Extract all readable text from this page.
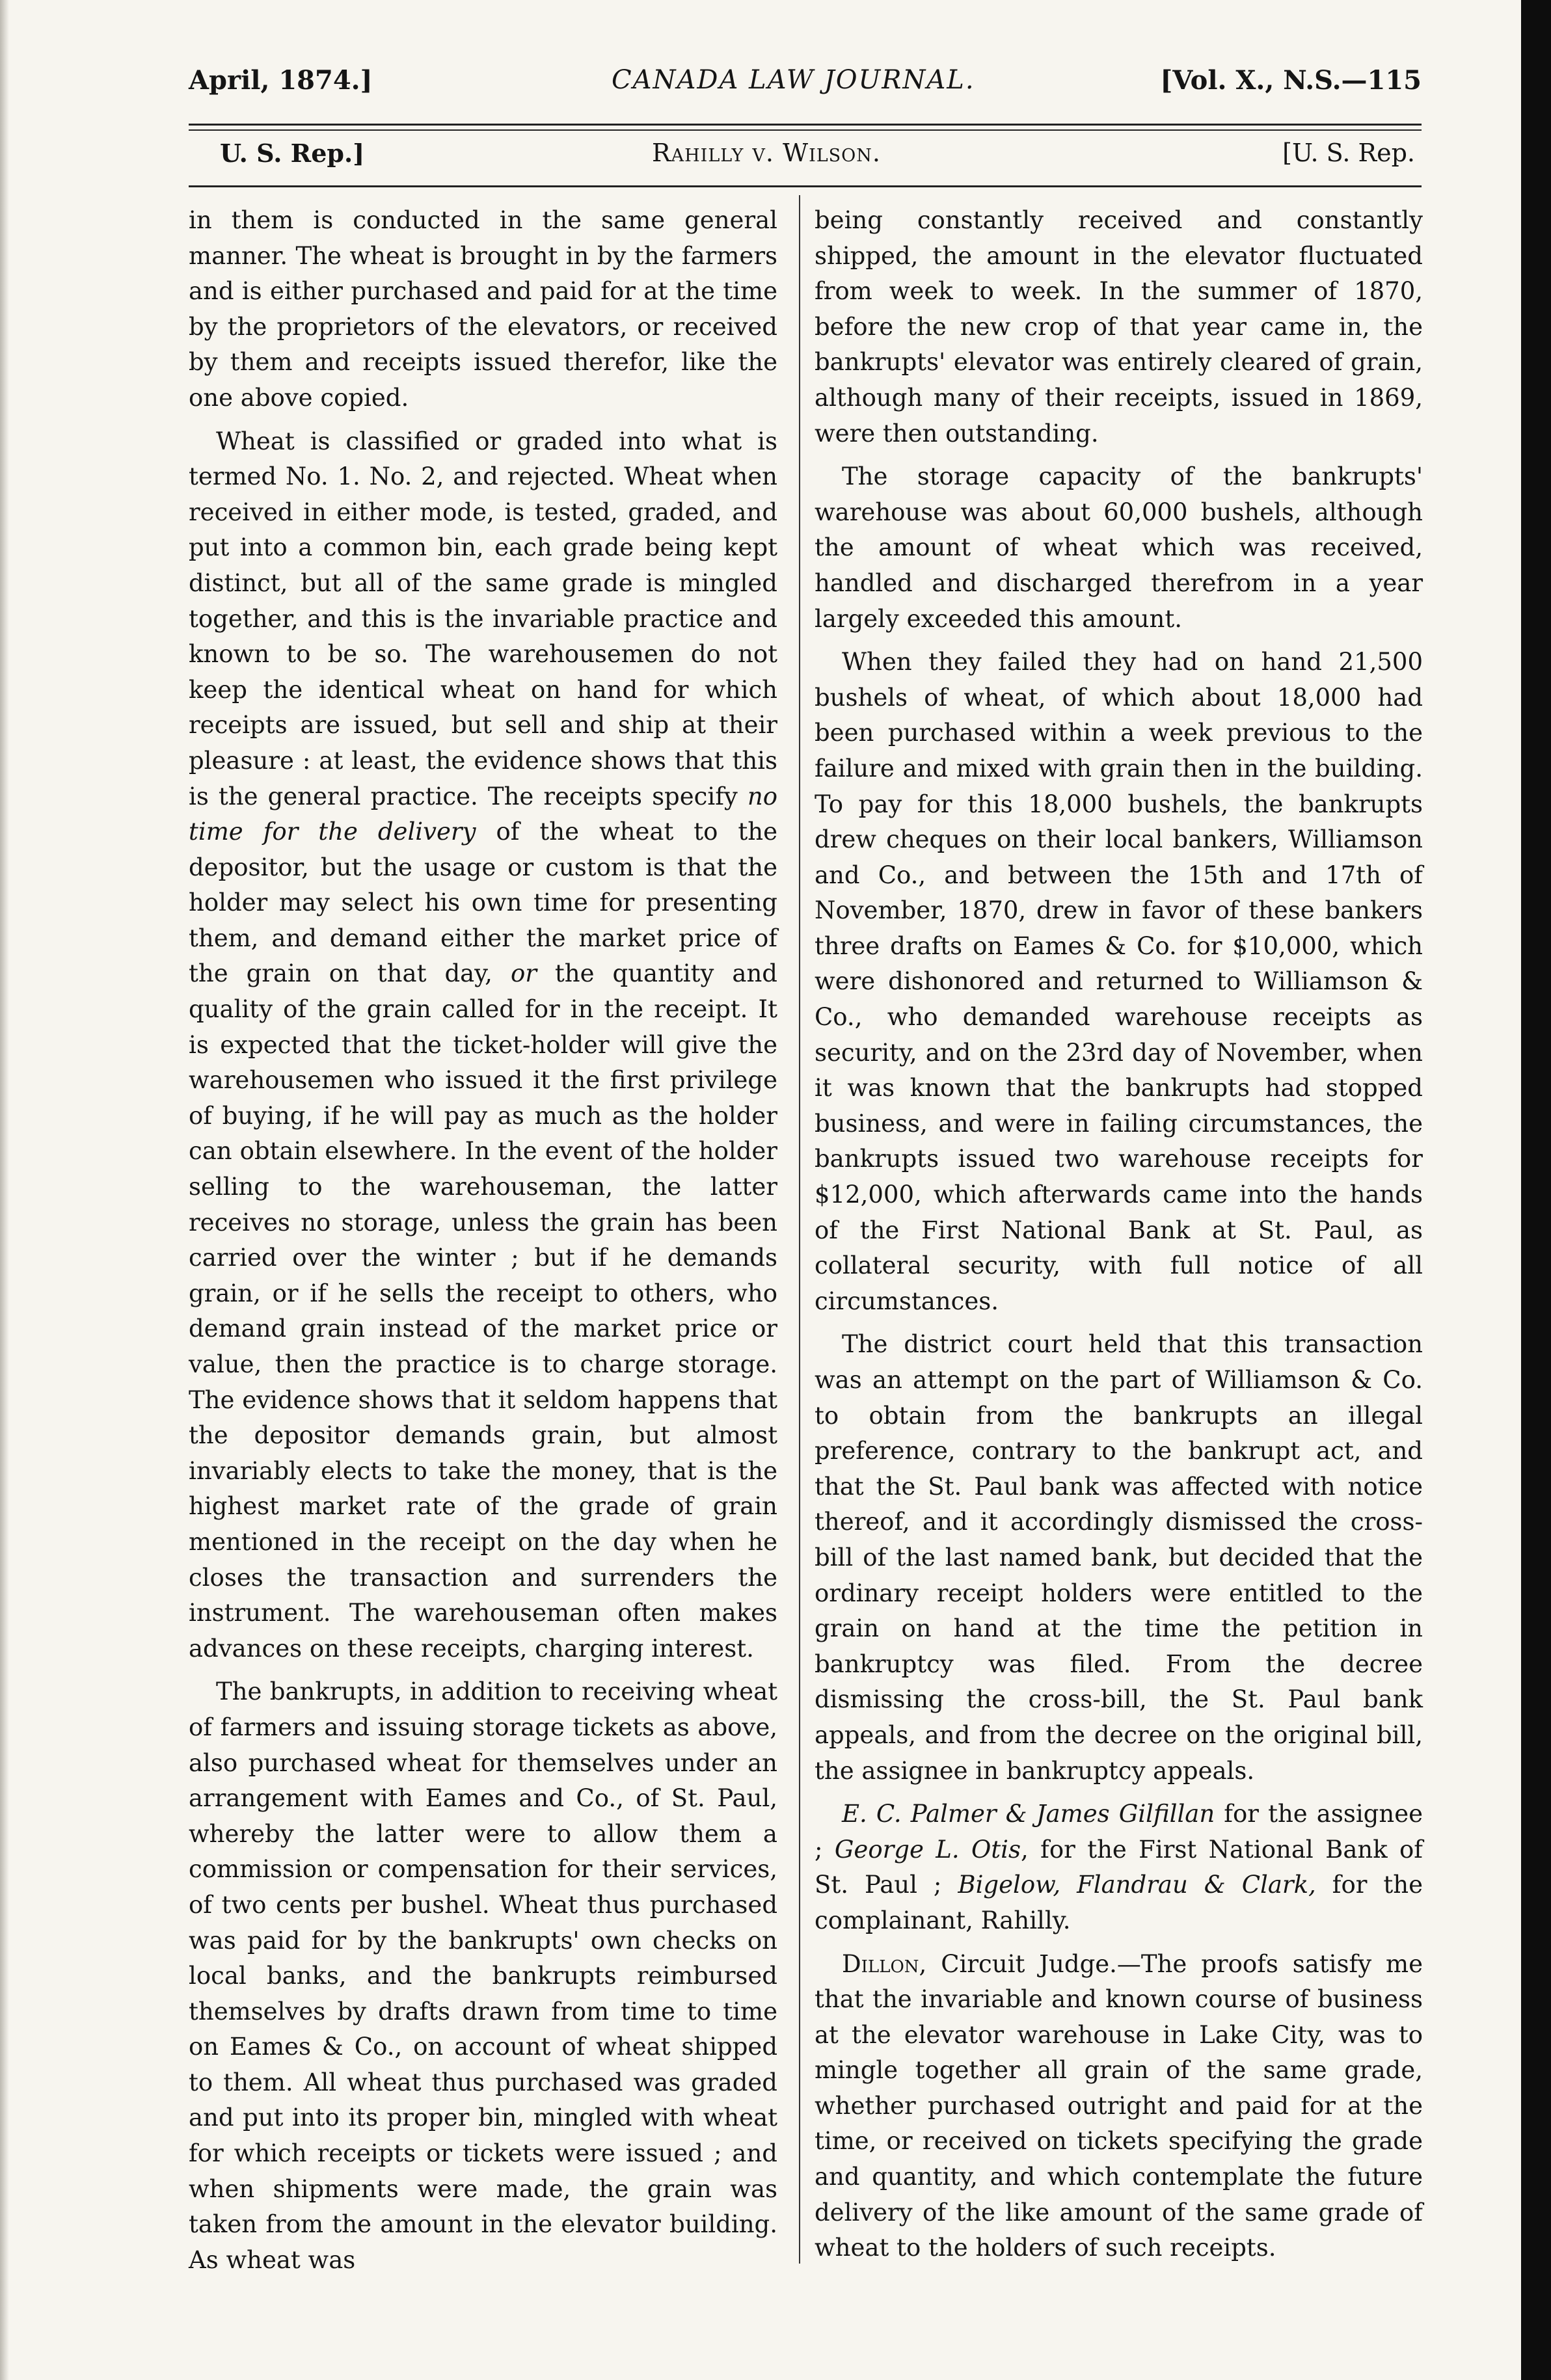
April, 1874.]	CANADA LAW JOURNAL.	[Vol. X., N.S.—115
U. S. Rep.]	Rahilly v. Wilson.	[U. S. Rep.

in them is conducted in the same general manner. The wheat is brought in by the farmers and is either purchased and paid for at the time by the proprietors of the elevators, or received by them and receipts issued therefor, like the one above copied.

Wheat is classified or graded into what is termed No. 1. No. 2, and rejected. Wheat when received in either mode, is tested, graded, and put into a common bin, each grade being kept distinct, but all of the same grade is mingled together, and this is the invariable practice and known to be so. The warehousemen do not keep the identical wheat on hand for which receipts are issued, but sell and ship at their pleasure : at least, the evidence shows that this is the general practice. The receipts specify no time for the delivery of the wheat to the depositor, but the usage or custom is that the holder may select his own time for presenting them, and demand either the market price of the grain on that day, or the quantity and quality of the grain called for in the receipt. It is expected that the ticket-holder will give the warehousemen who issued it the first privilege of buying, if he will pay as much as the holder can obtain elsewhere. In the event of the holder selling to the warehouseman, the latter receives no storage, unless the grain has been carried over the winter ; but if he demands grain, or if he sells the receipt to others, who demand grain instead of the market price or value, then the practice is to charge storage. The evidence shows that it seldom happens that the depositor demands grain, but almost invariably elects to take the money, that is the highest market rate of the grade of grain mentioned in the receipt on the day when he closes the transaction and surrenders the instrument. The warehouseman often makes advances on these receipts, charging interest.

The bankrupts, in addition to receiving wheat of farmers and issuing storage tickets as above, also purchased wheat for themselves under an arrangement with Eames and Co., of St. Paul, whereby the latter were to allow them a commission or compensation for their services, of two cents per bushel. Wheat thus purchased was paid for by the bankrupts' own checks on local banks, and the bankrupts reimbursed themselves by drafts drawn from time to time on Eames & Co., on account of wheat shipped to them. All wheat thus purchased was graded and put into its proper bin, mingled with wheat for which receipts or tickets were issued ; and when shipments were made, the grain was taken from the amount in the elevator building. As wheat was

being constantly received and constantly shipped, the amount in the elevator fluctuated from week to week. In the summer of 1870, before the new crop of that year came in, the bankrupts' elevator was entirely cleared of grain, although many of their receipts, issued in 1869, were then outstanding.

The storage capacity of the bankrupts' warehouse was about 60,000 bushels, although the amount of wheat which was received, handled and discharged therefrom in a year largely exceeded this amount.

When they failed they had on hand 21,500 bushels of wheat, of which about 18,000 had been purchased within a week previous to the failure and mixed with grain then in the building. To pay for this 18,000 bushels, the bankrupts drew cheques on their local bankers, Williamson and Co., and between the 15th and 17th of November, 1870, drew in favor of these bankers three drafts on Eames & Co. for $10,000, which were dishonored and returned to Williamson & Co., who demanded warehouse receipts as security, and on the 23rd day of November, when it was known that the bankrupts had stopped business, and were in failing circumstances, the bankrupts issued two warehouse receipts for $12,000, which afterwards came into the hands of the First National Bank at St. Paul, as collateral security, with full notice of all circumstances.

The district court held that this transaction was an attempt on the part of Williamson & Co. to obtain from the bankrupts an illegal preference, contrary to the bankrupt act, and that the St. Paul bank was affected with notice thereof, and it accordingly dismissed the cross-bill of the last named bank, but decided that the ordinary receipt holders were entitled to the grain on hand at the time the petition in bankruptcy was filed. From the decree dismissing the cross-bill, the St. Paul bank appeals, and from the decree on the original bill, the assignee in bankruptcy appeals.

E. C. Palmer & James Gilfillan for the assignee ; George L. Otis, for the First National Bank of St. Paul ; Bigelow, Flandrau & Clark, for the complainant, Rahilly.

Dillon, Circuit Judge.—The proofs satisfy me that the invariable and known course of business at the elevator warehouse in Lake City, was to mingle together all grain of the same grade, whether purchased outright and paid for at the time, or received on tickets specifying the grade and quantity, and which contemplate the future delivery of the like amount of the same grade of wheat to the holders of such receipts.
